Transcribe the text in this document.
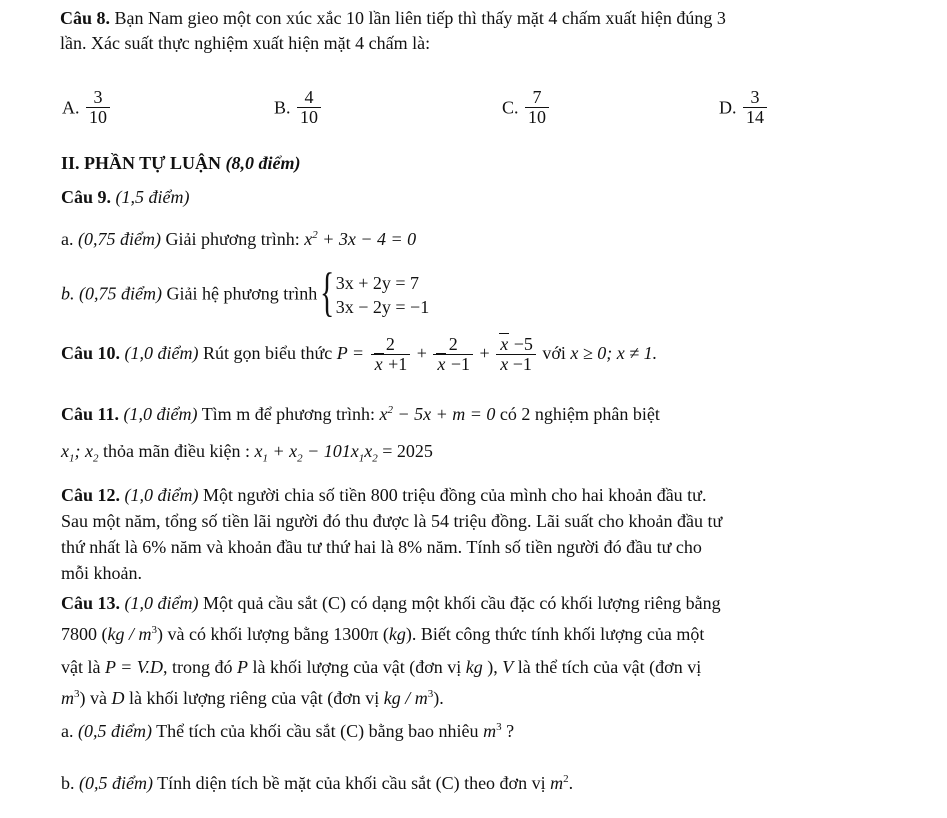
Câu 8. Bạn Nam gieo một con xúc xắc 10 lần liên tiếp thì thấy mặt 4 chấm xuất hiện đúng 3
lần. Xác suất thực nghiệm xuất hiện mặt 4 chấm là:
A. $\frac{3}{10}$	B. $\frac{4}{10}$	C. $\frac{7}{10}$	D. $\frac{3}{14}$
II. PHẦN TỰ LUẬN (8,0 điểm)
Câu 9. (1,5 điểm)
a. (0,75 điểm) Giải phương trình: $x^2 + 3x - 4 = 0$
b. (0,75 điểm) Giải hệ phương trình
{ 3x + 2y = 7
3x − 2y = −1
Câu 10. (1,0 điểm) Rút gọn biểu thức $P = \frac{2}{x +1} + \frac{2}{x -1} + \frac{x -5}{x -1}$ với x ≥ 0; x ≠ 1.
Câu 11. (1,0 điểm) Tìm m để phương trình: $x^2 - 5x + m = 0$ có 2 nghiệm phân biệt
$x_1$; $x_2$ thỏa mãn điều kiện : $x_1 + x_2 - 101x_1x_2 = 2025$
Câu 12. (1,0 điểm) Một người chia số tiền 800 triệu đồng của mình cho hai khoản đầu tư.
Sau một năm, tổng số tiền lãi người đó thu được là 54 triệu đồng. Lãi suất cho khoản đầu tư
thứ nhất là 6% năm và khoản đầu tư thứ hai là 8% năm. Tính số tiền người đó đầu tư cho
mỗi khoản.
Câu 13. (1,0 điểm) Một quả cầu sắt (C) có dạng một khối cầu đặc có khối lượng riêng bằng
7800 $(kg / m^3)$ và có khối lượng bằng 1300π (kg). Biết công thức tính khối lượng của một
vật là P = V.D, trong đó P là khối lượng của vật (đơn vị kg ), V là thể tích của vật (đơn vị
$m^3$) và D là khối lượng riêng của vật (đơn vị kg / $m^3$).
a. (0,5 điểm) Thể tích của khối cầu sắt (C) bằng bao nhiêu $m^3$ ?
b. (0,5 điểm) Tính diện tích bề mặt của khối cầu sắt (C) theo đơn vị $m^2$.
